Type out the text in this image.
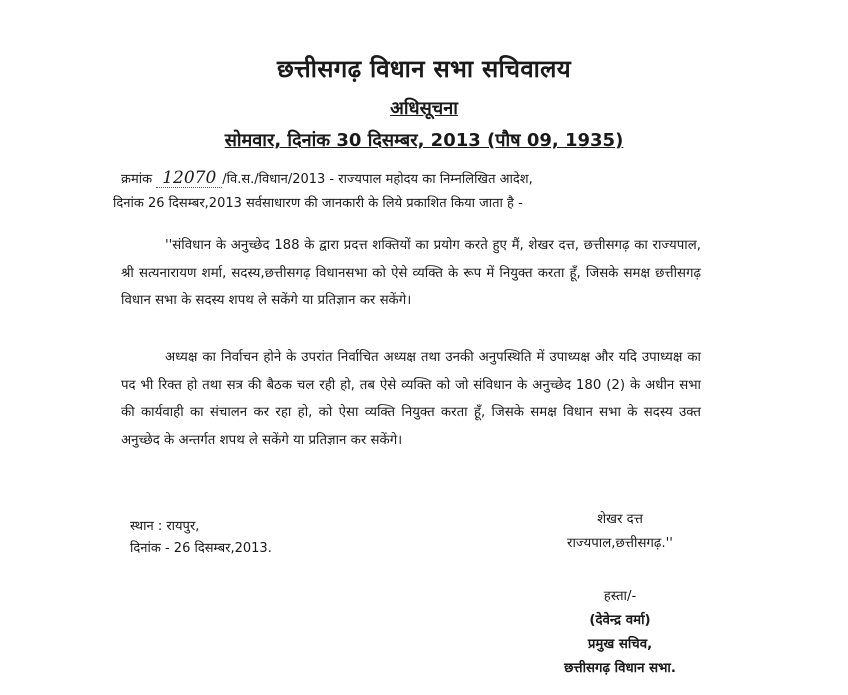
छत्तीसगढ़ विधान सभा सचिवालय
अधिसूचना
सोमवार, दिनांक 30 दिसम्बर, 2013 (पौष 09, 1935)
क्रमांक 12070 /वि.स./विधान/2013 - राज्यपाल महोदय का निम्नलिखित आदेश,
दिनांक 26 दिसम्बर,2013 सर्वसाधारण की जानकारी के लिये प्रकाशित किया जाता है -
''संविधान के अनुच्छेद 188 के द्वारा प्रदत्त शक्तियों का प्रयोग करते हुए मैं, शेखर दत्त, छत्तीसगढ़ का राज्यपाल, श्री सत्यनारायण शर्मा, सदस्य,छत्तीसगढ़ विधानसभा को ऐसे व्यक्ति के रूप में नियुक्त करता हूँ, जिसके समक्ष छत्तीसगढ़ विधान सभा के सदस्य शपथ ले सकेंगे या प्रतिज्ञान कर सकेंगे।
अध्यक्ष का निर्वाचन होने के उपरांत निर्वाचित अध्यक्ष तथा उनकी अनुपस्थिति में उपाध्यक्ष और यदि उपाध्यक्ष का पद भी रिक्त हो तथा सत्र की बैठक चल रही हो, तब ऐसे व्यक्ति को जो संविधान के अनुच्छेद 180 (2) के अधीन सभा की कार्यवाही का संचालन कर रहा हो, को ऐसा व्यक्ति नियुक्त करता हूँ, जिसके समक्ष विधान सभा के सदस्य उक्त अनुच्छेद के अन्तर्गत शपथ ले सकेंगे या प्रतिज्ञान कर सकेंगे।
स्थान : रायपुर,
दिनांक - 26 दिसम्बर,2013.
शेखर दत्त
राज्यपाल,छत्तीसगढ़.''
हस्ता/-
(देवेन्द्र वर्मा)
प्रमुख सचिव,
छत्तीसगढ़ विधान सभा.
